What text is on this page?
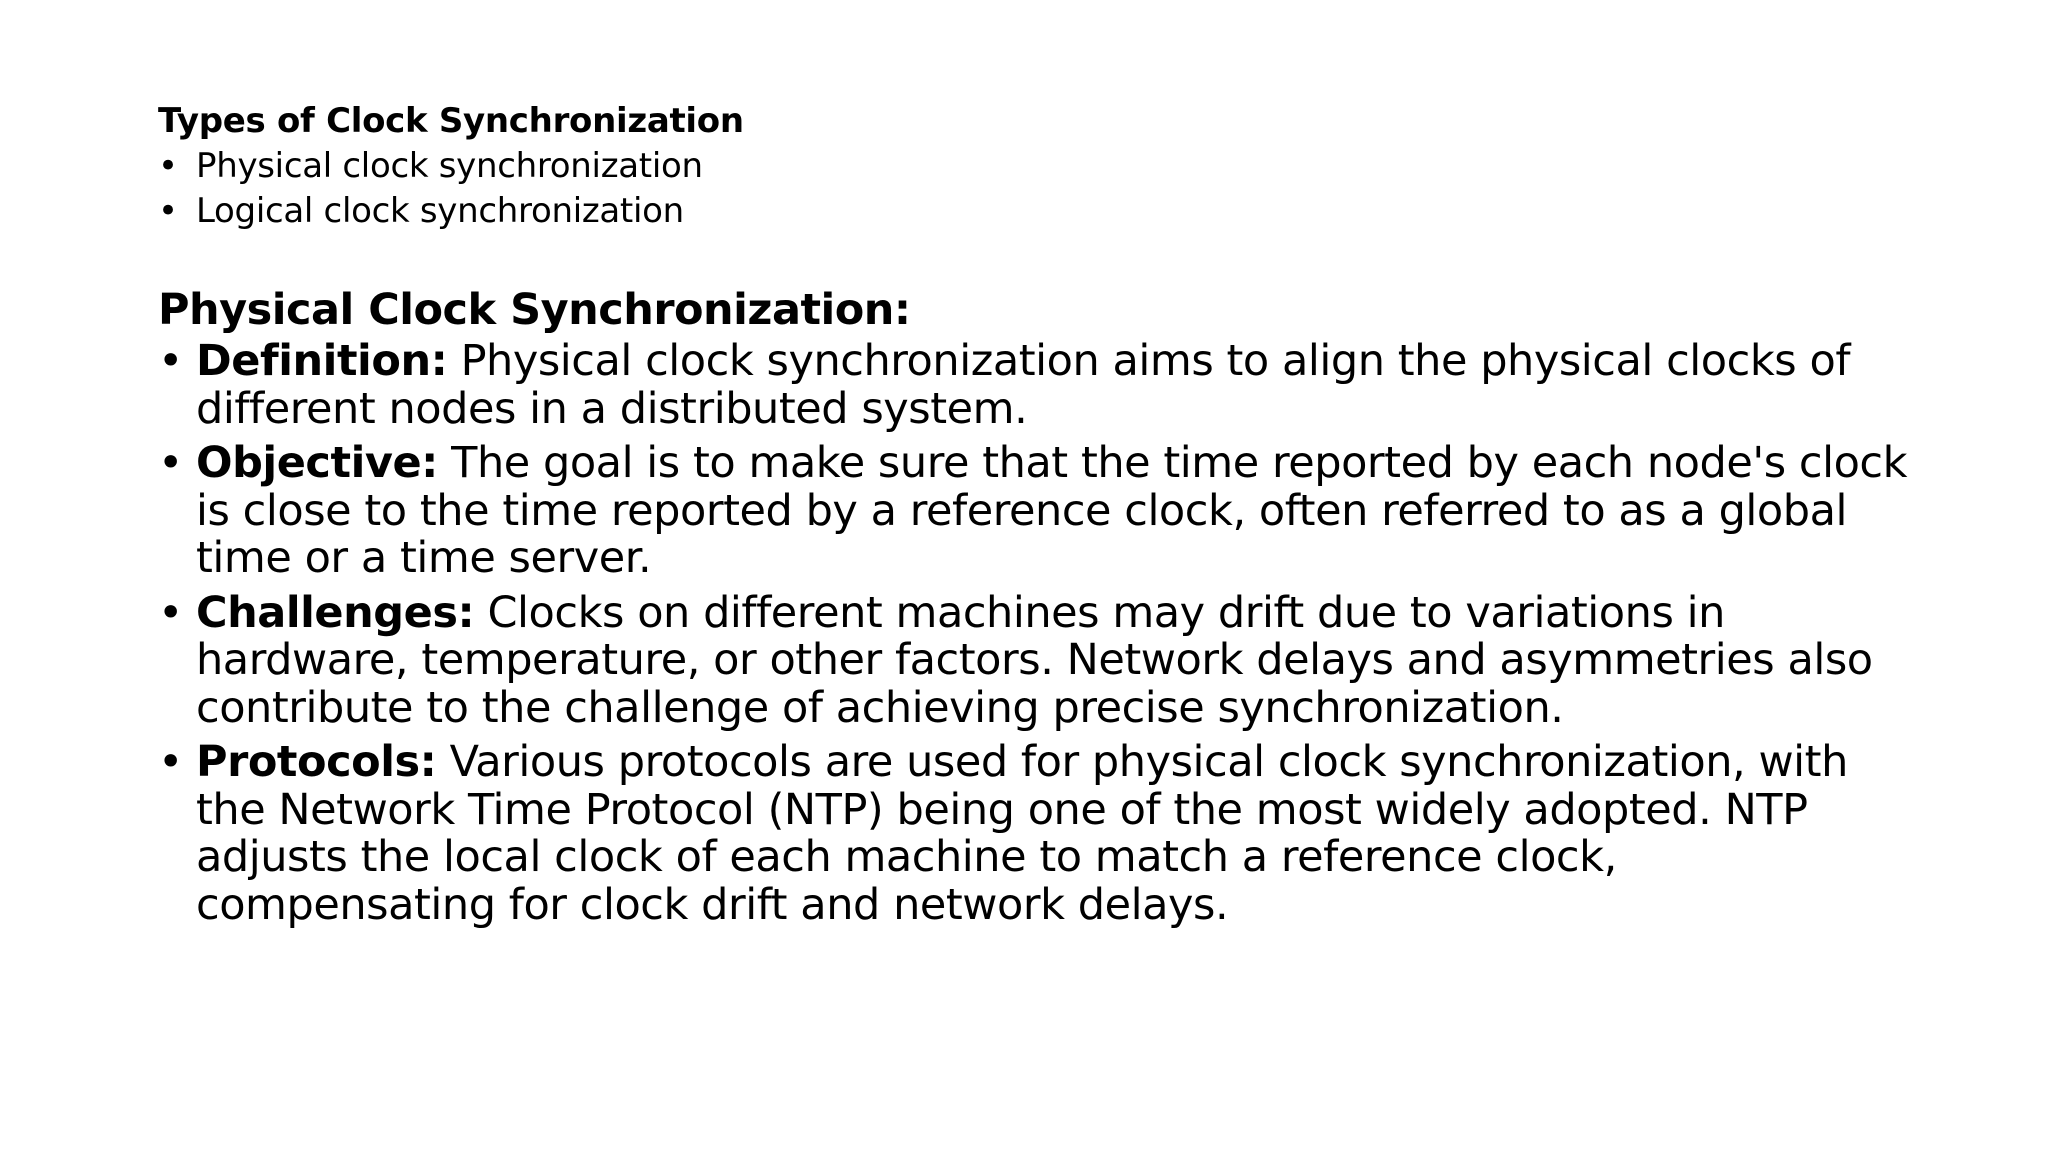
Types of Clock Synchronization
• Physical clock synchronization
• Logical clock synchronization
Physical Clock Synchronization:
• Definition: Physical clock synchronization aims to align the physical clocks of different nodes in a distributed system.
• Objective: The goal is to make sure that the time reported by each node's clock is close to the time reported by a reference clock, often referred to as a global time or a time server.
• Challenges: Clocks on different machines may drift due to variations in hardware, temperature, or other factors. Network delays and asymmetries also contribute to the challenge of achieving precise synchronization.
• Protocols: Various protocols are used for physical clock synchronization, with the Network Time Protocol (NTP) being one of the most widely adopted. NTP adjusts the local clock of each machine to match a reference clock, compensating for clock drift and network delays.
